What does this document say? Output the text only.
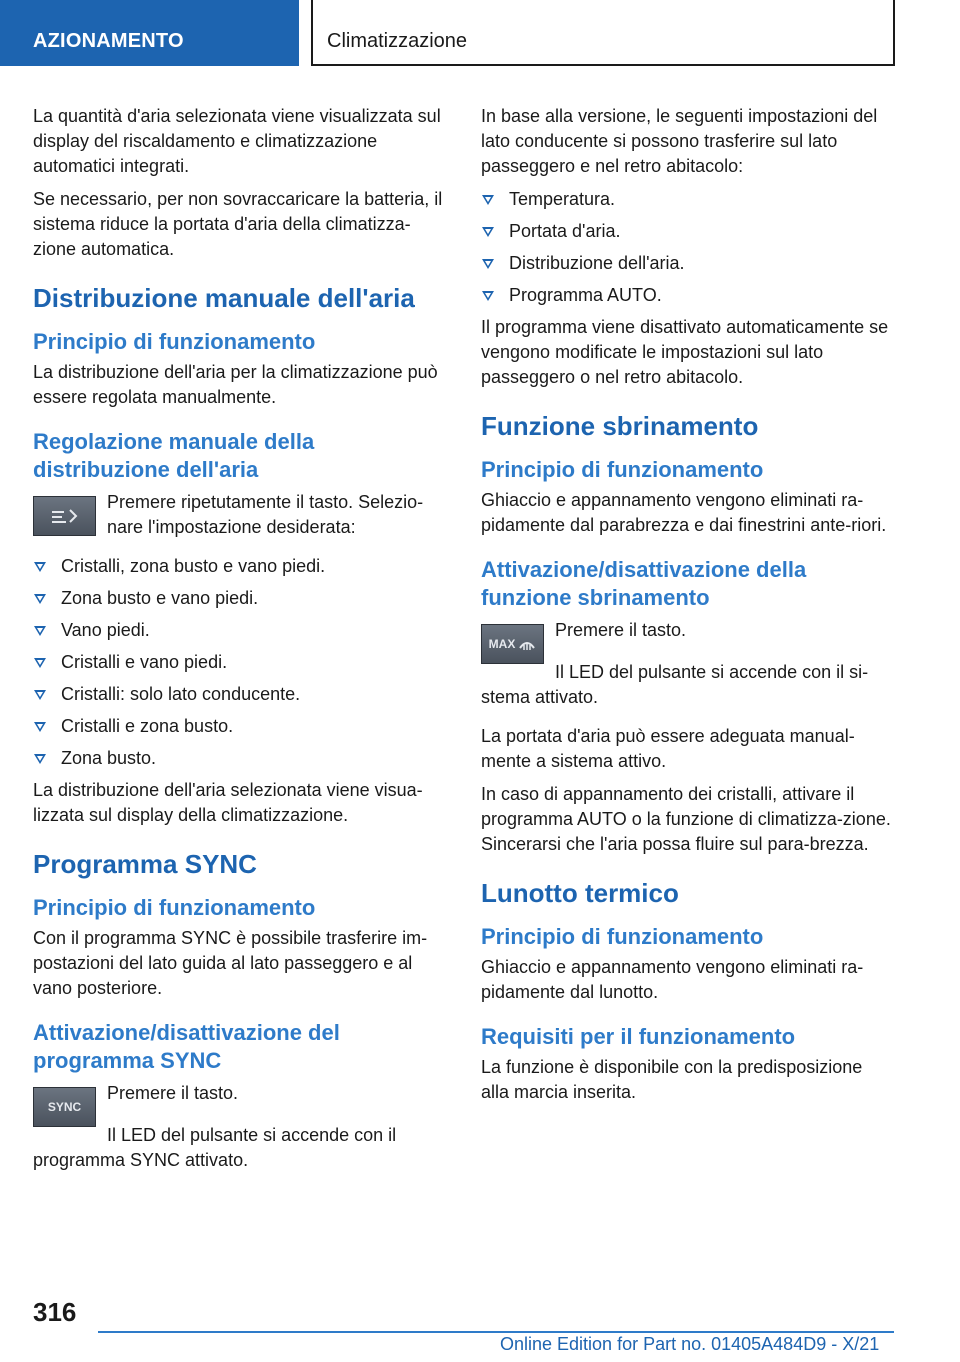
AZIONAMENTO	Climatizzazione

La quantità d'aria selezionata viene visualizzata sul display del riscaldamento e climatizzazione automatici integrati.

Se necessario, per non sovraccaricare la batteria, il sistema riduce la portata d'aria della climatizza‐zione automatica.

Distribuzione manuale dell'aria
Principio di funzionamento

La distribuzione dell'aria per la climatizzazione può essere regolata manualmente.

Regolazione manuale della distribuzione dell'aria

Premere ripetutamente il tasto. Selezio‐nare l'impostazione desiderata:

Cristalli, zona busto e vano piedi.
Zona busto e vano piedi.
Vano piedi.
Cristalli e vano piedi.
Cristalli: solo lato conducente.
Cristalli e zona busto.
Zona busto.

La distribuzione dell'aria selezionata viene visua‐lizzata sul display della climatizzazione.

Programma SYNC
Principio di funzionamento

Con il programma SYNC è possibile trasferire im‐postazioni del lato guida al lato passeggero e al vano posteriore.

Attivazione/disattivazione del programma SYNC
SYNC

Premere il tasto.

Il LED del pulsante si accende con il programma SYNC attivato.

In base alla versione, le seguenti impostazioni del lato conducente si possono trasferire sul lato passeggero e nel retro abitacolo:

Temperatura.
Portata d'aria.
Distribuzione dell'aria.
Programma AUTO.

Il programma viene disattivato automaticamente se vengono modificate le impostazioni sul lato passeggero o nel retro abitacolo.

Funzione sbrinamento
Principio di funzionamento

Ghiaccio e appannamento vengono eliminati ra‐pidamente dal parabrezza e dai finestrini ante‐riori.

Attivazione/disattivazione della funzione sbrinamento
MAX

Premere il tasto.

Il LED del pulsante si accende con il si‐stema attivato.

La portata d'aria può essere adeguata manual‐mente a sistema attivo.

In caso di appannamento dei cristalli, attivare il programma AUTO o la funzione di climatizza‐zione. Sincerarsi che l'aria possa fluire sul para‐brezza.

Lunotto termico
Principio di funzionamento

Ghiaccio e appannamento vengono eliminati ra‐pidamente dal lunotto.

Requisiti per il funzionamento

La funzione è disponibile con la predisposizione alla marcia inserita.

316
Online Edition for Part no. 01405A484D9 - X/21
